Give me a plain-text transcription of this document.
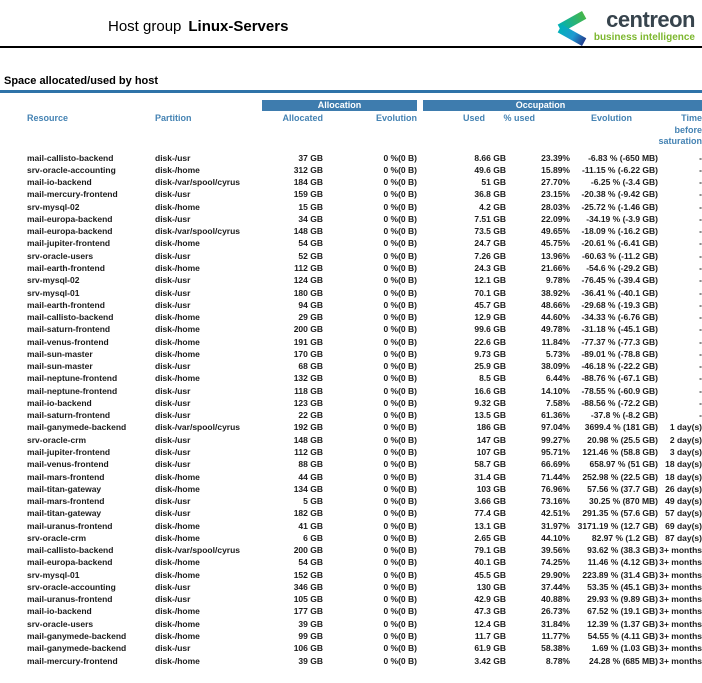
Host group Linux-Servers	centreon
business intelligence
Space allocated/used by host
Allocation	Occupation
Resource	Partition	Allocated	Evolution	Used	% used	Evolution	Time
before
saturation
mail-callisto-backend	disk-/usr	37 GB	0 %(0 B)	8.66 GB	23.39%	-6.83 % (-650 MB)	-
srv-oracle-accounting	disk-/home	312 GB	0 %(0 B)	49.6 GB	15.89%	-11.15 % (-6.22 GB)	-
mail-io-backend	disk-/var/spool/cyrus	184 GB	0 %(0 B)	51 GB	27.70%	-6.25 % (-3.4 GB)	-
mail-mercury-frontend	disk-/usr	159 GB	0 %(0 B)	36.8 GB	23.15%	-20.38 % (-9.42 GB)	-
srv-mysql-02	disk-/home	15 GB	0 %(0 B)	4.2 GB	28.03%	-25.72 % (-1.46 GB)	-
mail-europa-backend	disk-/usr	34 GB	0 %(0 B)	7.51 GB	22.09%	-34.19 % (-3.9 GB)	-
mail-europa-backend	disk-/var/spool/cyrus	148 GB	0 %(0 B)	73.5 GB	49.65%	-18.09 % (-16.2 GB)	-
mail-jupiter-frontend	disk-/home	54 GB	0 %(0 B)	24.7 GB	45.75%	-20.61 % (-6.41 GB)	-
srv-oracle-users	disk-/usr	52 GB	0 %(0 B)	7.26 GB	13.96%	-60.63 % (-11.2 GB)	-
mail-earth-frontend	disk-/home	112 GB	0 %(0 B)	24.3 GB	21.66%	-54.6 % (-29.2 GB)	-
srv-mysql-02	disk-/usr	124 GB	0 %(0 B)	12.1 GB	9.78%	-76.45 % (-39.4 GB)	-
srv-mysql-01	disk-/usr	180 GB	0 %(0 B)	70.1 GB	38.92%	-36.41 % (-40.1 GB)	-
mail-earth-frontend	disk-/usr	94 GB	0 %(0 B)	45.7 GB	48.66%	-29.68 % (-19.3 GB)	-
mail-callisto-backend	disk-/home	29 GB	0 %(0 B)	12.9 GB	44.60%	-34.33 % (-6.76 GB)	-
mail-saturn-frontend	disk-/home	200 GB	0 %(0 B)	99.6 GB	49.78%	-31.18 % (-45.1 GB)	-
mail-venus-frontend	disk-/home	191 GB	0 %(0 B)	22.6 GB	11.84%	-77.37 % (-77.3 GB)	-
mail-sun-master	disk-/home	170 GB	0 %(0 B)	9.73 GB	5.73%	-89.01 % (-78.8 GB)	-
mail-sun-master	disk-/usr	68 GB	0 %(0 B)	25.9 GB	38.09%	-46.18 % (-22.2 GB)	-
mail-neptune-frontend	disk-/home	132 GB	0 %(0 B)	8.5 GB	6.44%	-88.76 % (-67.1 GB)	-
mail-neptune-frontend	disk-/usr	118 GB	0 %(0 B)	16.6 GB	14.10%	-78.55 % (-60.9 GB)	-
mail-io-backend	disk-/usr	123 GB	0 %(0 B)	9.32 GB	7.58%	-88.56 % (-72.2 GB)	-
mail-saturn-frontend	disk-/usr	22 GB	0 %(0 B)	13.5 GB	61.36%	-37.8 % (-8.2 GB)	-
mail-ganymede-backend	disk-/var/spool/cyrus	192 GB	0 %(0 B)	186 GB	97.04%	3699.4 % (181 GB)	1 day(s)
srv-oracle-crm	disk-/usr	148 GB	0 %(0 B)	147 GB	99.27%	20.98 % (25.5 GB)	2 day(s)
mail-jupiter-frontend	disk-/usr	112 GB	0 %(0 B)	107 GB	95.71%	121.46 % (58.8 GB)	3 day(s)
mail-venus-frontend	disk-/usr	88 GB	0 %(0 B)	58.7 GB	66.69%	658.97 % (51 GB) 18 day(s)
mail-mars-frontend	disk-/home	44 GB	0 %(0 B)	31.4 GB	71.44%	252.98 % (22.5 GB) 18 day(s)
mail-titan-gateway	disk-/home	134 GB	0 %(0 B)	103 GB	76.96%	57.56 % (37.7 GB) 26 day(s)
mail-mars-frontend	disk-/usr	5 GB	0 %(0 B)	3.66 GB	73.16%	30.25 % (870 MB) 49 day(s)
mail-titan-gateway	disk-/usr	182 GB	0 %(0 B)	77.4 GB	42.51%	291.35 % (57.6 GB) 57 day(s)
mail-uranus-frontend	disk-/home	41 GB	0 %(0 B)	13.1 GB	31.97% 3171.19 % (12.7 GB) 69 day(s)
srv-oracle-crm	disk-/home	6 GB	0 %(0 B)	2.65 GB	44.10%	82.97 % (1.2 GB) 87 day(s)
mail-callisto-backend	disk-/var/spool/cyrus	200 GB	0 %(0 B)	79.1 GB	39.56%	93.62 % (38.3 GB) 3+ months
mail-europa-backend	disk-/home	54 GB	0 %(0 B)	40.1 GB	74.25%	11.46 % (4.12 GB) 3+ months
srv-mysql-01	disk-/home	152 GB	0 %(0 B)	45.5 GB	29.90%	223.89 % (31.4 GB) 3+ months
srv-oracle-accounting	disk-/usr	346 GB	0 %(0 B)	130 GB	37.44%	53.35 % (45.1 GB) 3+ months
mail-uranus-frontend	disk-/usr	105 GB	0 %(0 B)	42.9 GB	40.88%	29.93 % (9.89 GB) 3+ months
mail-io-backend	disk-/home	177 GB	0 %(0 B)	47.3 GB	26.73%	67.52 % (19.1 GB) 3+ months
srv-oracle-users	disk-/home	39 GB	0 %(0 B)	12.4 GB	31.84%	12.39 % (1.37 GB) 3+ months
mail-ganymede-backend	disk-/home	99 GB	0 %(0 B)	11.7 GB	11.77%	54.55 % (4.11 GB) 3+ months
mail-ganymede-backend	disk-/usr	106 GB	0 %(0 B)	61.9 GB	58.38%	1.69 % (1.03 GB) 3+ months
mail-mercury-frontend	disk-/home	39 GB	0 %(0 B)	3.42 GB	8.78%	24.28 % (685 MB) 3+ months
